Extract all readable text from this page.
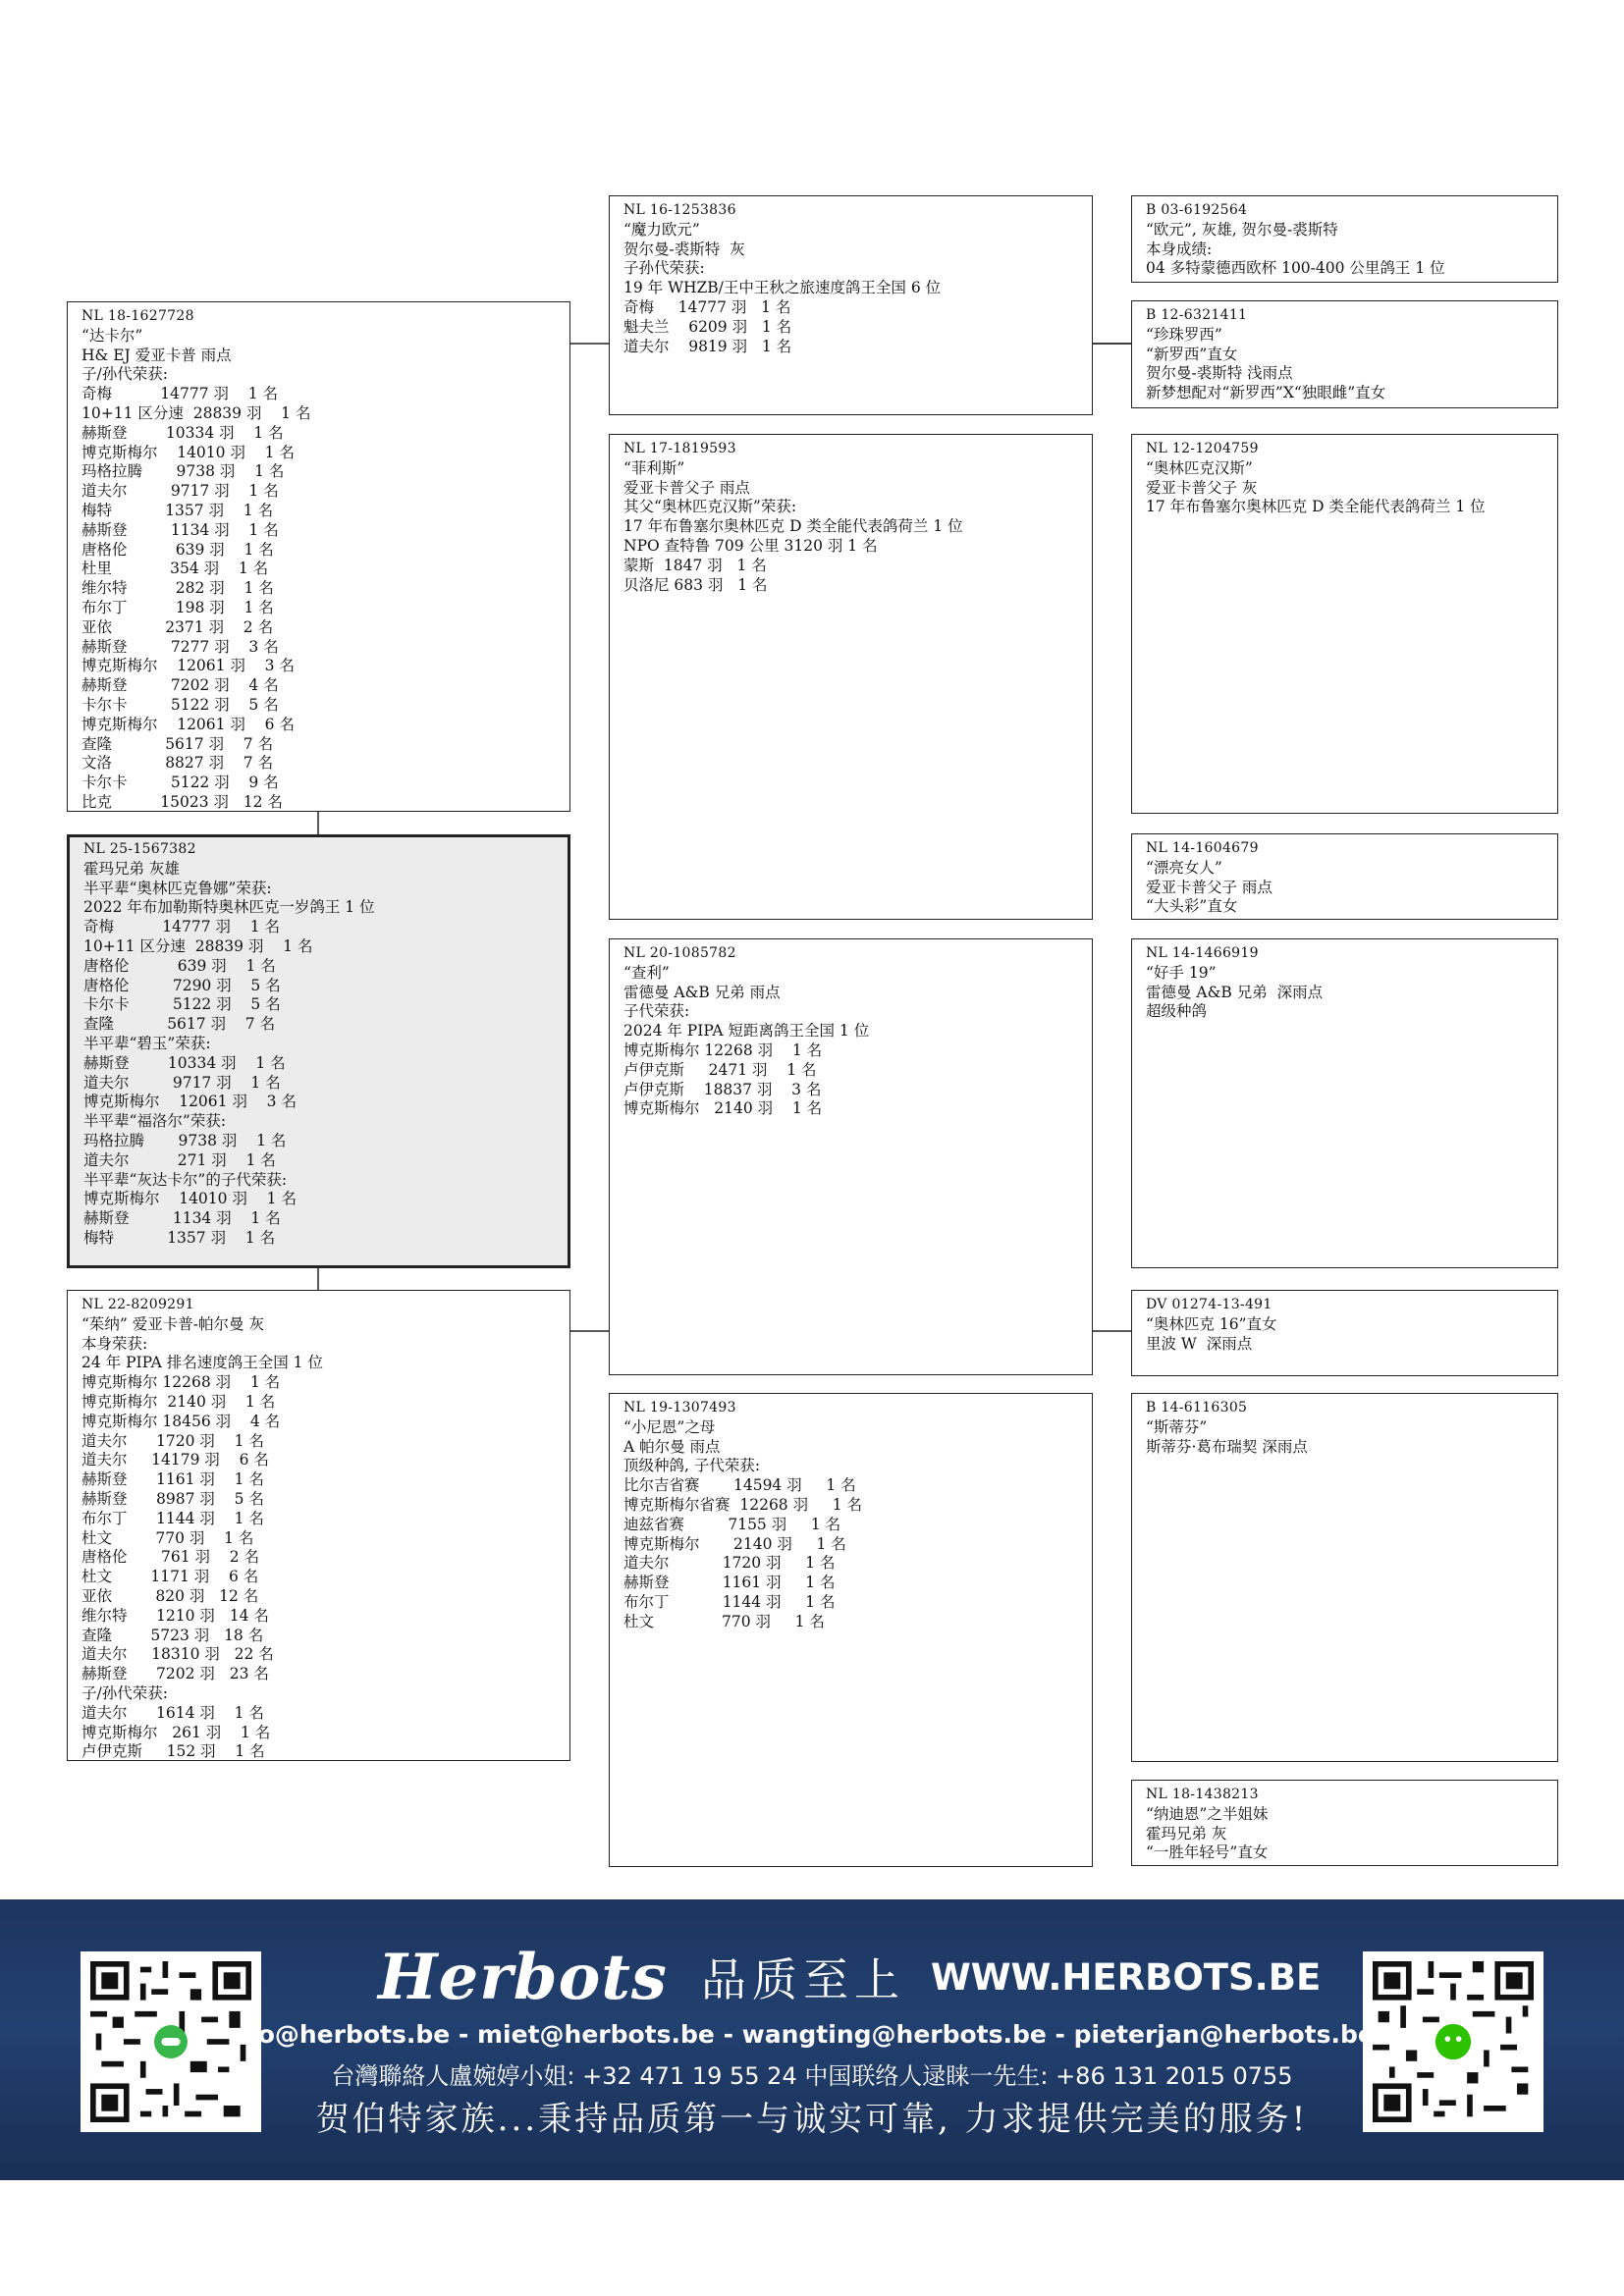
NL 18-1627728
“达卡尔”
H& EJ 爱亚卡普 雨点
子/孙代荣获:
奇梅          14777 羽    1 名
10+11 区分速  28839 羽    1 名
赫斯登        10334 羽    1 名
博克斯梅尔    14010 羽    1 名
玛格拉腾       9738 羽    1 名
道夫尔         9717 羽    1 名
梅特           1357 羽    1 名
赫斯登         1134 羽    1 名
唐格伦          639 羽    1 名
杜里            354 羽    1 名
维尔特          282 羽    1 名
布尔丁          198 羽    1 名
亚依           2371 羽    2 名
赫斯登         7277 羽    3 名
博克斯梅尔    12061 羽    3 名
赫斯登         7202 羽    4 名
卡尔卡         5122 羽    5 名
博克斯梅尔    12061 羽    6 名
查隆           5617 羽    7 名
文洛           8827 羽    7 名
卡尔卡         5122 羽    9 名
比克          15023 羽   12 名
NL 25-1567382
霍玛兄弟 灰雄
半平辈“奥林匹克鲁娜”荣获:
2022 年布加勒斯特奥林匹克一岁鸽王 1 位
奇梅          14777 羽    1 名
10+11 区分速  28839 羽    1 名
唐格伦          639 羽    1 名
唐格伦         7290 羽    5 名
卡尔卡         5122 羽    5 名
查隆           5617 羽    7 名
半平辈“碧玉”荣获:
赫斯登        10334 羽    1 名
道夫尔         9717 羽    1 名
博克斯梅尔    12061 羽    3 名
半平辈“福洛尔”荣获:
玛格拉腾       9738 羽    1 名
道夫尔          271 羽    1 名
半平辈“灰达卡尔”的子代荣获:
博克斯梅尔    14010 羽    1 名
赫斯登         1134 羽    1 名
梅特           1357 羽    1 名
NL 22-8209291
“茱纳” 爱亚卡普-帕尔曼 灰
本身荣获:
24 年 PIPA 排名速度鸽王全国 1 位
博克斯梅尔 12268 羽    1 名
博克斯梅尔  2140 羽    1 名
博克斯梅尔 18456 羽    4 名
道夫尔      1720 羽    1 名
道夫尔     14179 羽    6 名
赫斯登      1161 羽    1 名
赫斯登      8987 羽    5 名
布尔丁      1144 羽    1 名
杜文         770 羽    1 名
唐格伦       761 羽    2 名
杜文        1171 羽    6 名
亚依         820 羽   12 名
维尔特      1210 羽   14 名
查隆        5723 羽   18 名
道夫尔     18310 羽   22 名
赫斯登      7202 羽   23 名
子/孙代荣获:
道夫尔      1614 羽    1 名
博克斯梅尔   261 羽    1 名
卢伊克斯     152 羽    1 名
NL 16-1253836
“魔力欧元”
贺尔曼-裘斯特  灰
子孙代荣获:
19 年 WHZB/王中王秋之旅速度鸽王全国 6 位
奇梅     14777 羽   1 名
魁夫兰    6209 羽   1 名
道夫尔    9819 羽   1 名
NL 17-1819593
“菲利斯”
爱亚卡普父子 雨点
其父“奥林匹克汉斯”荣获:
17 年布鲁塞尔奥林匹克 D 类全能代表鸽荷兰 1 位
NPO 查特鲁 709 公里 3120 羽 1 名
蒙斯  1847 羽   1 名
贝洛尼 683 羽   1 名
NL 20-1085782
“查利”
雷德曼 A&B 兄弟 雨点
子代荣获:
2024 年 PIPA 短距离鸽王全国 1 位
博克斯梅尔 12268 羽    1 名
卢伊克斯     2471 羽    1 名
卢伊克斯    18837 羽    3 名
博克斯梅尔   2140 羽    1 名
NL 19-1307493
“小尼恩”之母
A 帕尔曼 雨点
顶级种鸽, 子代荣获:
比尔吉省赛       14594 羽     1 名
博克斯梅尔省赛  12268 羽     1 名
迪兹省赛         7155 羽     1 名
博克斯梅尔       2140 羽     1 名
道夫尔           1720 羽     1 名
赫斯登           1161 羽     1 名
布尔丁           1144 羽     1 名
杜文              770 羽     1 名
B 03-6192564
“欧元”, 灰雄, 贺尔曼-裘斯特
本身成绩:
04 多特蒙德西欧杯 100-400 公里鸽王 1 位
B 12-6321411
“珍珠罗西”
“新罗西”直女
贺尔曼-裘斯特 浅雨点
新梦想配对“新罗西”X“独眼雌”直女
NL 12-1204759
“奥林匹克汉斯”
爱亚卡普父子 灰
17 年布鲁塞尔奥林匹克 D 类全能代表鸽荷兰 1 位
NL 14-1604679
“漂亮女人”
爱亚卡普父子 雨点
“大头彩”直女
NL 14-1466919
“好手 19”
雷德曼 A&B 兄弟  深雨点
超级种鸽
DV 01274-13-491
“奥林匹克 16”直女
里波 W  深雨点
B 14-6116305
“斯蒂芬”
斯蒂芬·葛布瑞契 深雨点
NL 18-1438213
“纳迪恩”之半姐妹
霍玛兄弟 灰
“一胜年轻号”直女
Herbots 品质至上 WWW.HERBOTS.BE
jo@herbots.be - miet@herbots.be - wangting@herbots.be - pieterjan@herbots.be
台灣聯絡人盧婉婷小姐: +32 471 19 55 24 中国联络人逯睐一先生: +86 131 2015 0755
贺伯特家族...秉持品质第一与诚实可靠, 力求提供完美的服务!
